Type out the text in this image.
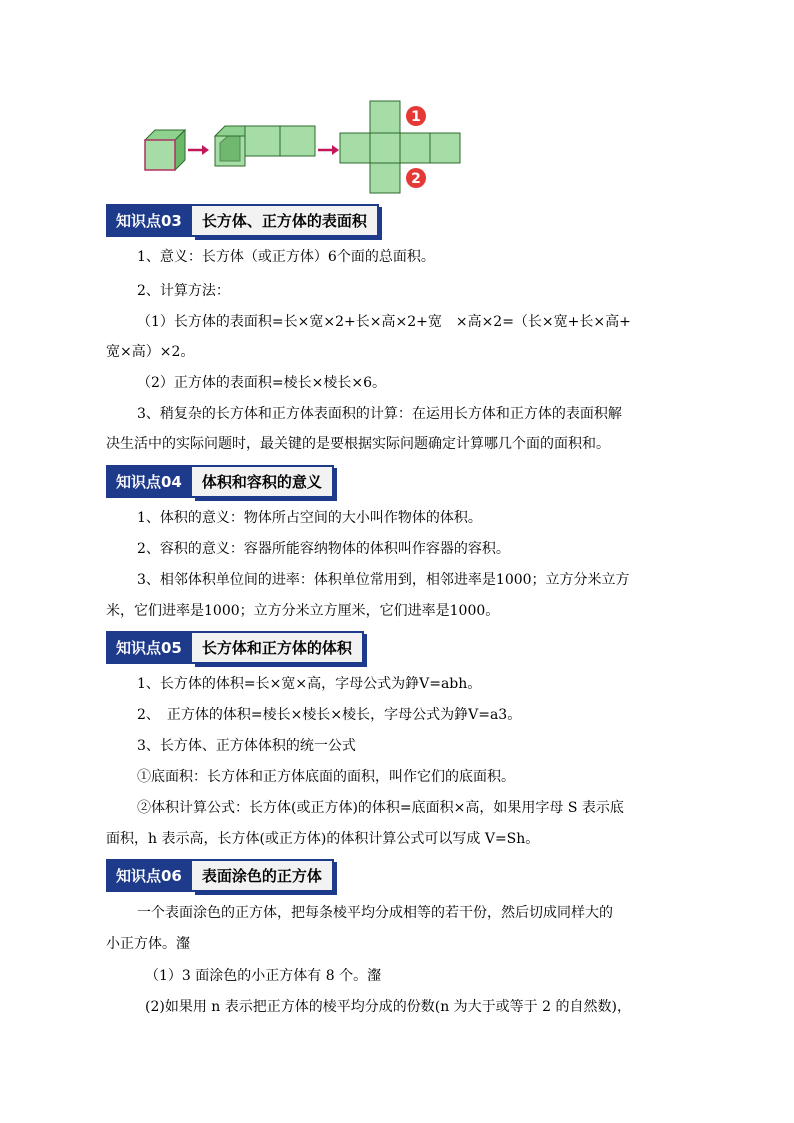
1
2
知识点03	长方体、正方体的表面积
1、意义：长方体（或正方体）6个面的总面积。
2、计算方法：
（1）长方体的表面积=长×宽×2+长×高×2+宽　×高×2=（长×宽+长×高+
宽×高）×2。
（2）正方体的表面积=棱长×棱长×6。
3、稍复杂的长方体和正方体表面积的计算：在运用长方体和正方体的表面积解
决生活中的实际问题时，最关键的是要根据实际问题确定计算哪几个面的面积和。
知识点04	体积和容积的意义
1、体积的意义：物体所占空间的大小叫作物体的体积。
2、容积的意义：容器所能容纳物体的体积叫作容器的容积。
3、相邻体积单位间的进率：体积单位常用到，相邻进率是1000；立方分米立方
米，它们进率是1000；立方分米立方厘米，它们进率是1000。
知识点05	长方体和正方体的体积
1、长方体的体积=长×宽×高，字母公式为錚V=abh。
2、　正方体的体积=棱长×棱长×棱长，字母公式为錚V=a3。
3、长方体、正方体体积的统一公式
①底面积：长方体和正方体底面的面积，叫作它们的底面积。
②体积计算公式：长方体(或正方体)的体积=底面积×高，如果用字母 S 表示底
面积，h 表示高，长方体(或正方体)的体积计算公式可以写成 V=Sh。
知识点06	表面涂色的正方体
一个表面涂色的正方体，把每条棱平均分成相等的若干份，然后切成同样大的
小正方体。瀣
（1）3 面涂色的小正方体有 8 个。瀣
(2)如果用 n 表示把正方体的棱平均分成的份数(n 为大于或等于 2 的自然数)，
